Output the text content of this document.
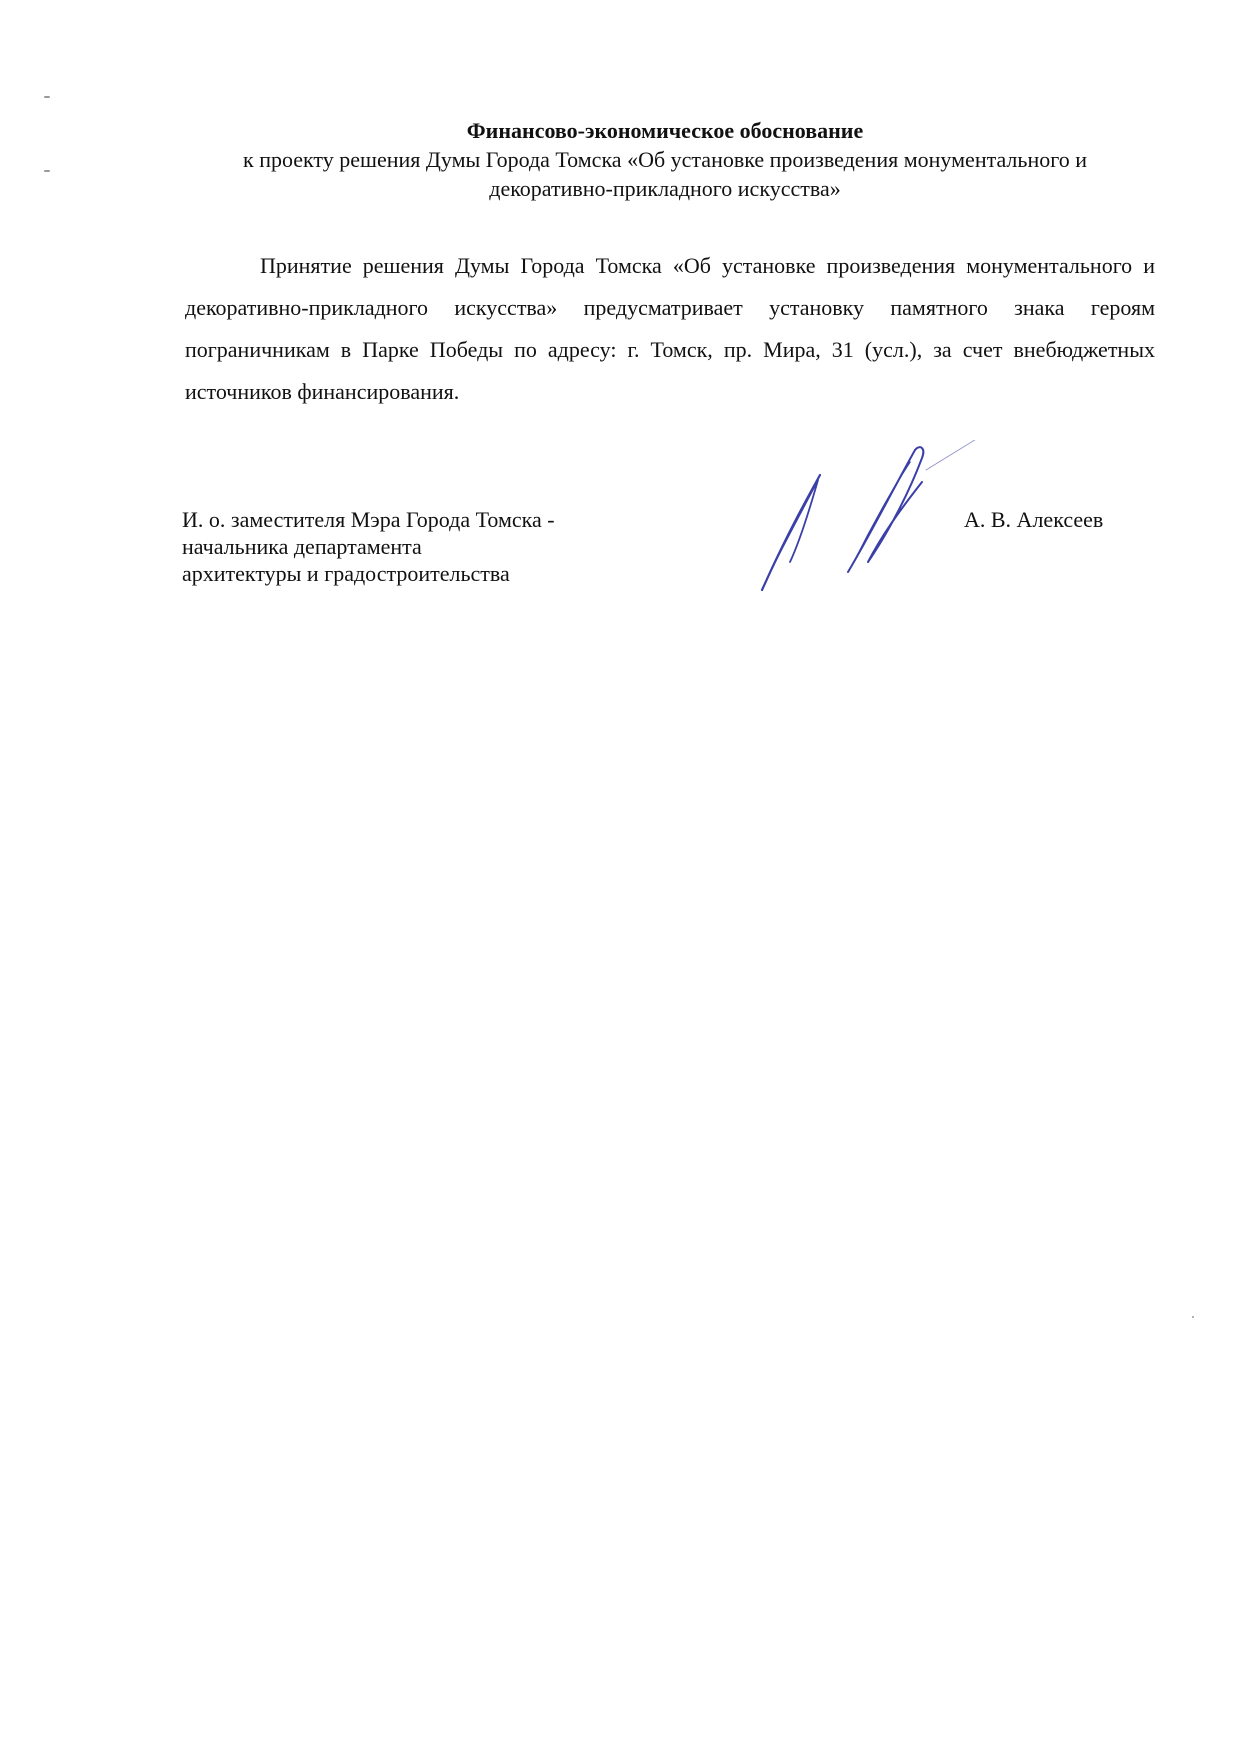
Финансово-экономическое обоснование
к проекту решения Думы Города Томска «Об установке произведения монументального и
декоративно-прикладного искусства»

Принятие решения Думы Города Томска «Об установке произведения монументального и декоративно-прикладного искусства» предусматривает установку памятного знака героям пограничникам в Парке Победы по адресу: г. Томск, пр. Мира, 31 (усл.), за счет внебюджетных источников финансирования.

И. о. заместителя Мэра Города Томска -
начальника департамента
архитектуры и градостроительства
А. В. Алексеев
